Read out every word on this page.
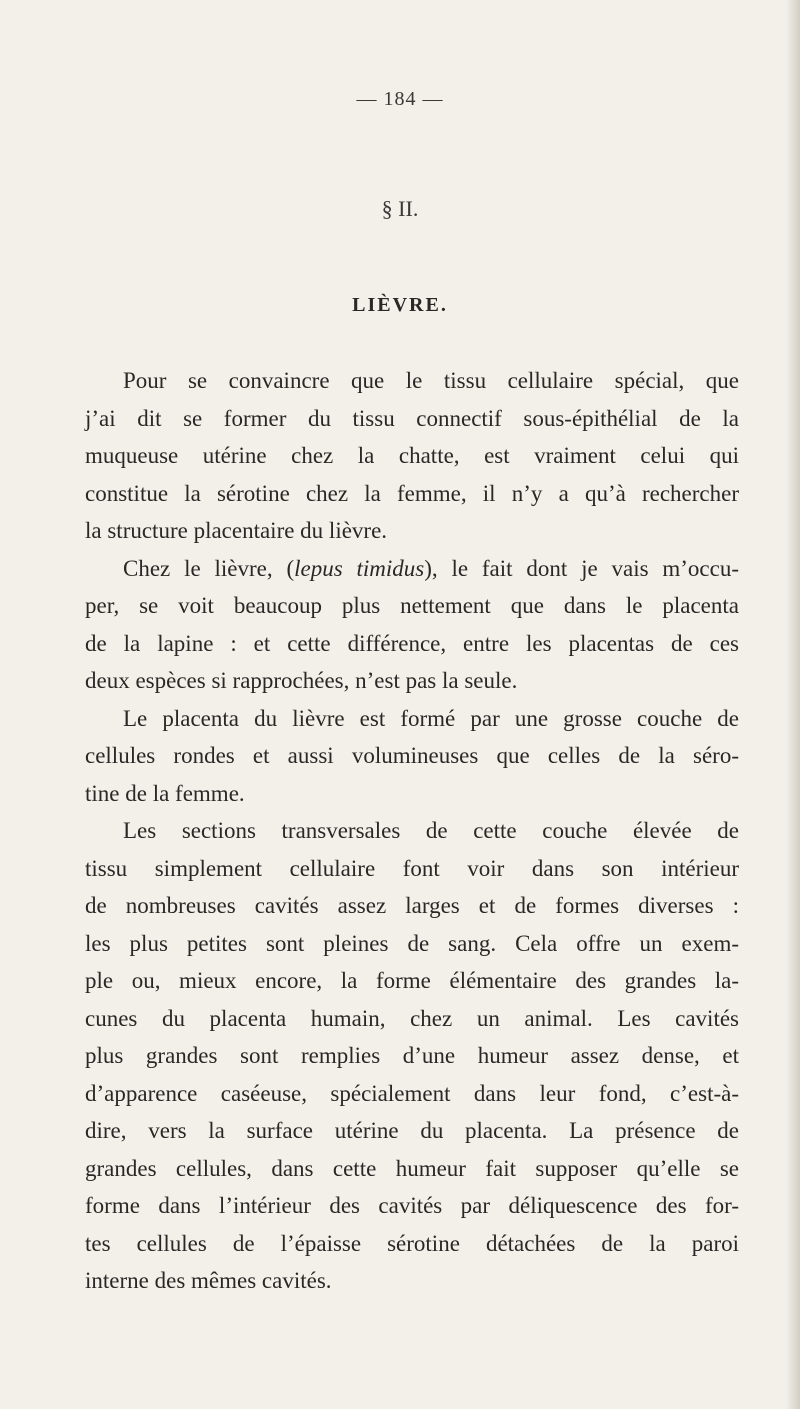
— 184 —
§ II.
LIÈVRE.
Pour se convaincre que le tissu cellulaire spécial, que
j’ai dit se former du tissu connectif sous-épithélial de la
muqueuse utérine chez la chatte, est vraiment celui qui
constitue la sérotine chez la femme, il n’y a qu’à rechercher
la structure placentaire du lièvre.
Chez le lièvre, (lepus timidus), le fait dont je vais m’occu-
per, se voit beaucoup plus nettement que dans le placenta
de la lapine : et cette différence, entre les placentas de ces
deux espèces si rapprochées, n’est pas la seule.
Le placenta du lièvre est formé par une grosse couche de
cellules rondes et aussi volumineuses que celles de la séro-
tine de la femme.
Les sections transversales de cette couche élevée de
tissu simplement cellulaire font voir dans son intérieur
de nombreuses cavités assez larges et de formes diverses :
les plus petites sont pleines de sang. Cela offre un exem-
ple ou, mieux encore, la forme élémentaire des grandes la-
cunes du placenta humain, chez un animal. Les cavités
plus grandes sont remplies d’une humeur assez dense, et
d’apparence caséeuse, spécialement dans leur fond, c’est-à-
dire, vers la surface utérine du placenta. La présence de
grandes cellules, dans cette humeur fait supposer qu’elle se
forme dans l’intérieur des cavités par déliquescence des for-
tes cellules de l’épaisse sérotine détachées de la paroi
interne des mêmes cavités.
